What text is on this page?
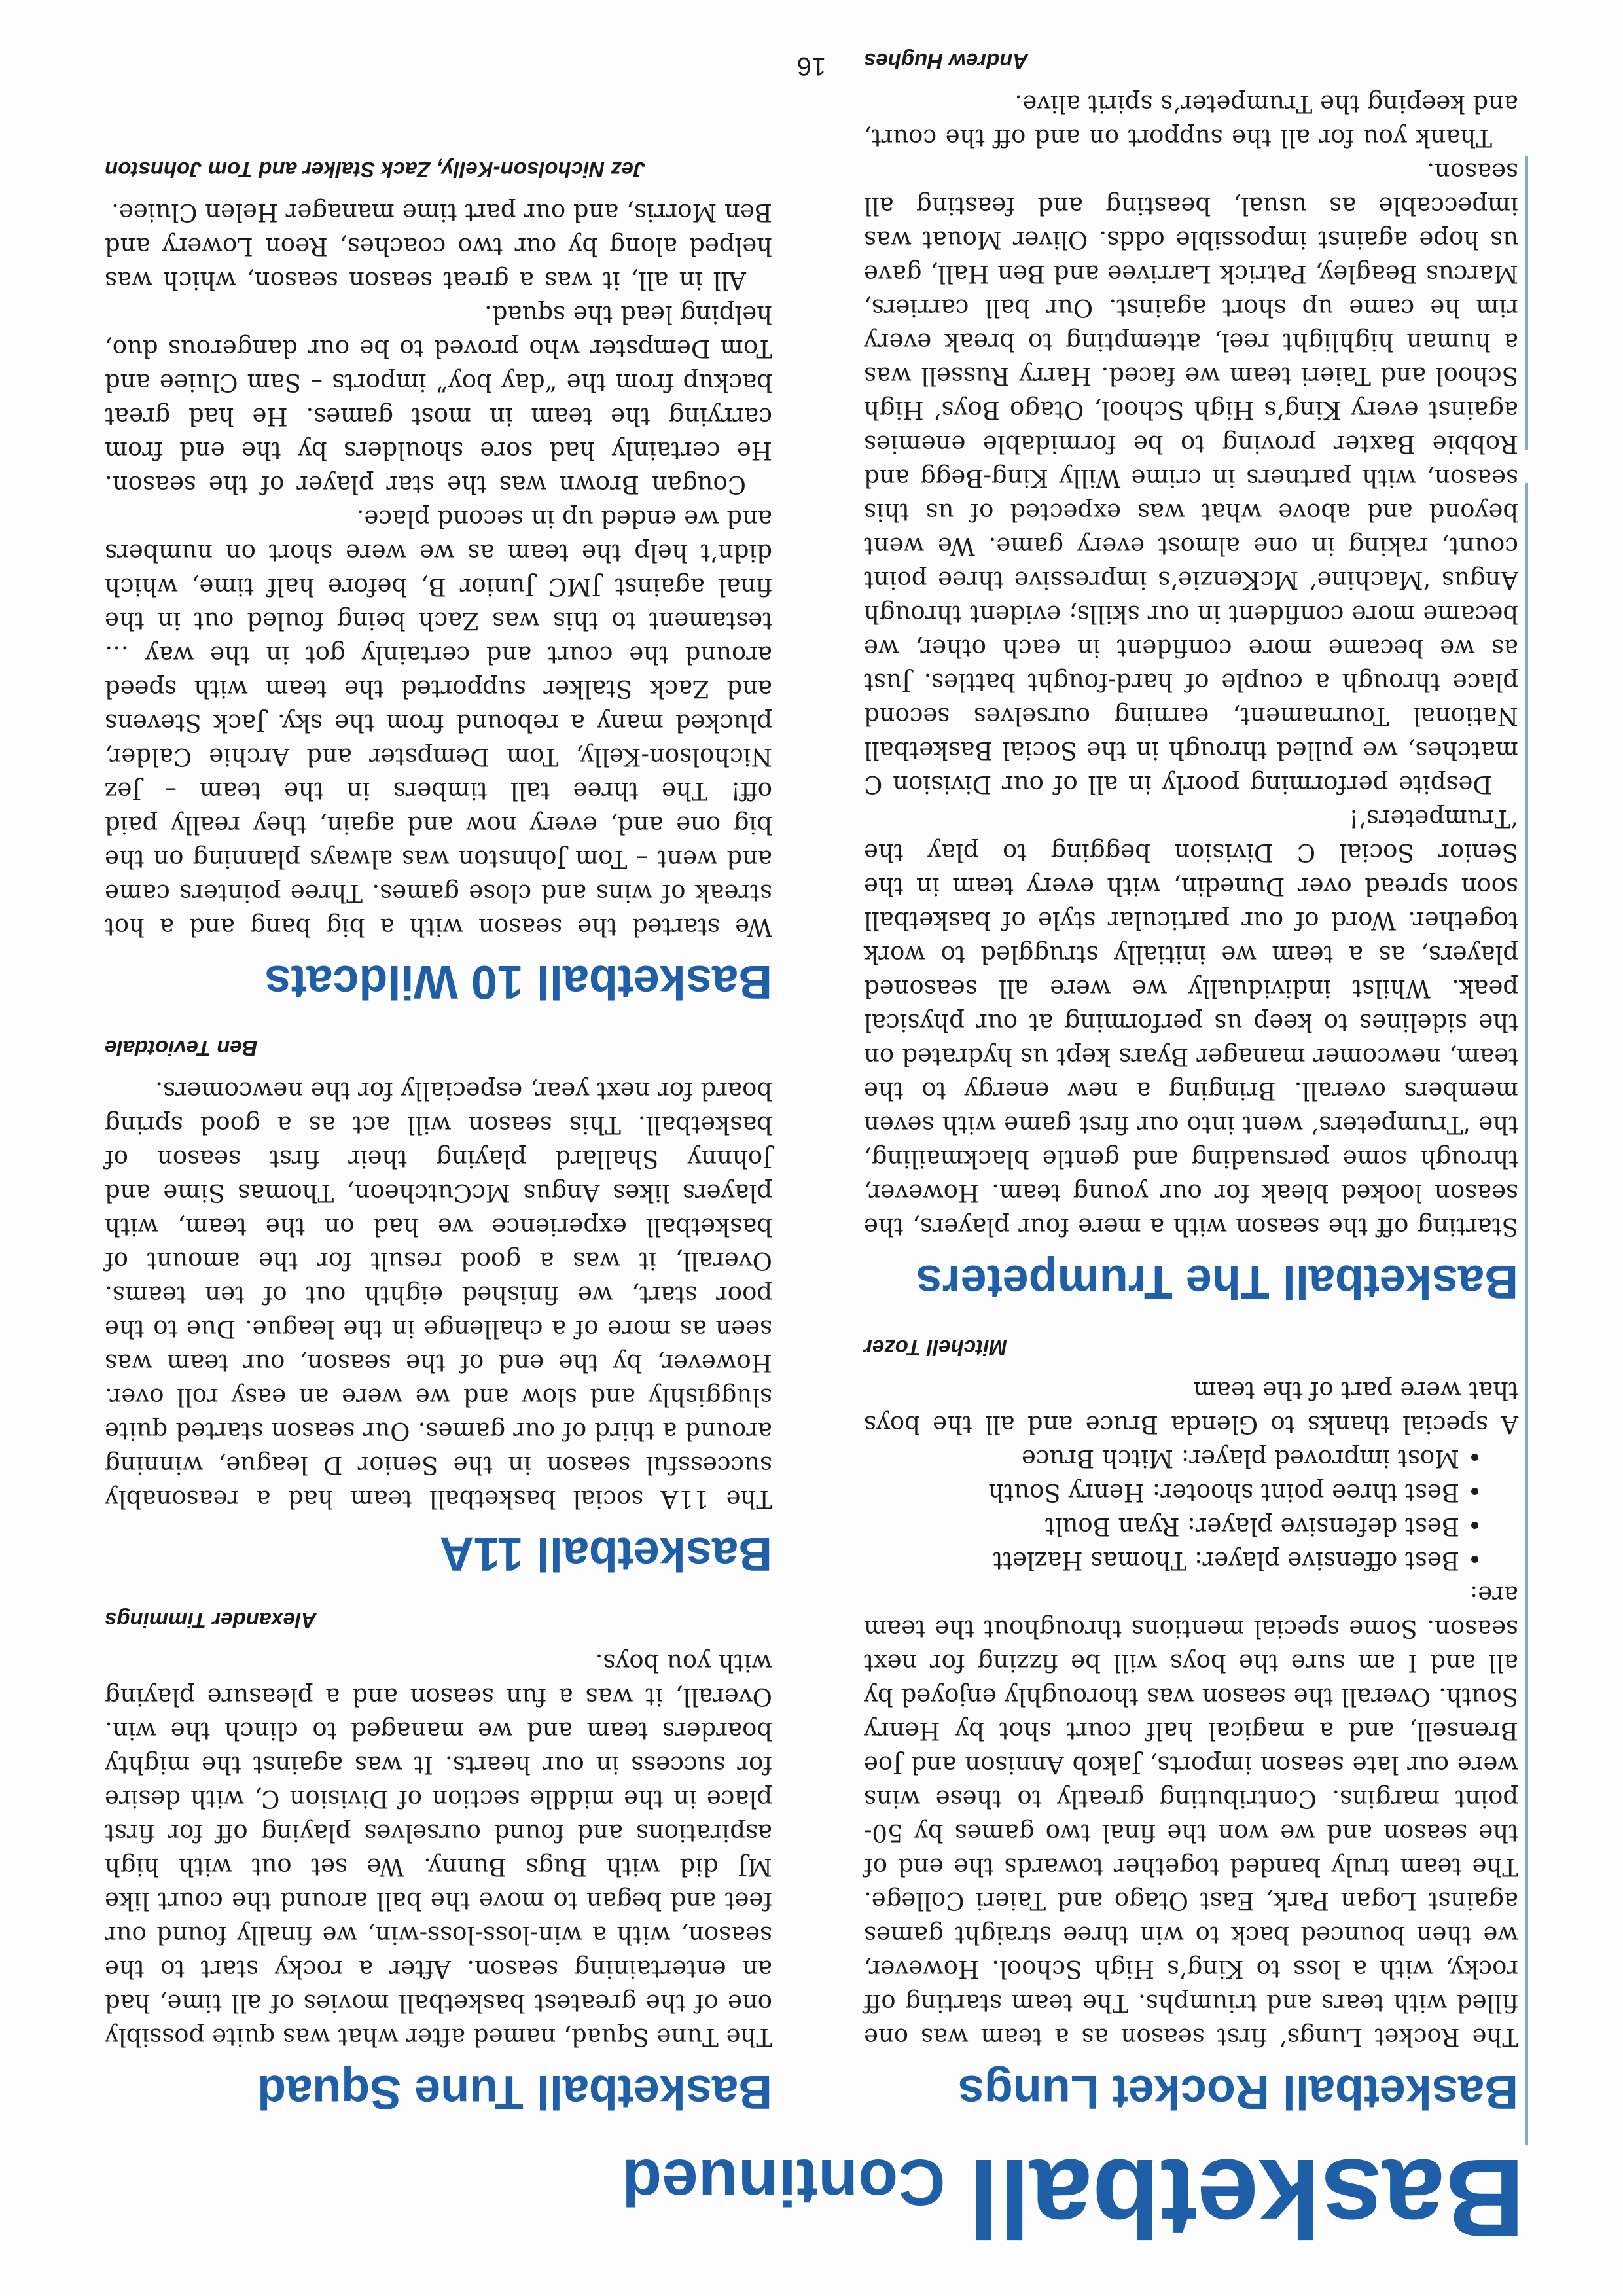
Basketball Continued
Basketball Rocket Lungs

The Rocket Lungs’ first season as a team was one filled with tears and triumphs. The team starting off rocky, with a loss to King’s High School. However, we then bounced back to win three straight games against Logan Park, East Otago and Taieri College. The team truly banded together towards the end of the season and we won the final two games by 50-point margins. Contributing greatly to these wins were our late season imports, Jakob Annison and Joe Brensell, and a magical half court shot by Henry South. Overall the season was thoroughly enjoyed by all and I am sure the boys will be fizzing for next season. Some special mentions throughout the team are:

• Best offensive player: Thomas Hazlett
• Best defensive player: Ryan Boult
• Best three point shooter: Henry South
• Most improved player: Mitch Bruce

A special thanks to Glenda Bruce and all the boys that were part of the team

Mitchell Tozer
Basketball The Trumpeters

Starting off the season with a mere four players, the season looked bleak for our young team. However, through some persuading and gentle blackmailing, the ‘Trumpeters’ went into our first game with seven members overall. Bringing a new energy to the team, newcomer manager Byars kept us hydrated on the sidelines to keep us performing at our physical peak. Whilst individually we were all seasoned players, as a team we initially struggled to work together. Word of our particular style of basketball soon spread over Dunedin, with every team in the Senior Social C Division begging to play the ‘Trumpeters’!

Despite performing poorly in all of our Division C matches, we pulled through in the Social Basketball National Tournament, earning ourselves second place through a couple of hard-fought battles. Just as we became more confident in each other, we became more confident in our skills; evident through Angus ‘Machine’ McKenzie’s impressive three point count, raking in one almost every game. We went beyond and above what was expected of us this season, with partners in crime Willy King-Begg and Robbie Baxter proving to be formidable enemies against every King’s High School, Otago Boys’ High School and Taieri team we faced. Harry Russell was a human highlight reel, attempting to break every rim he came up short against. Our ball carriers, Marcus Beagley, Patrick Larrivee and Ben Hall, gave us hope against impossible odds. Oliver Mouat was impeccable as usual, beasting and feasting all season.

Thank you for all the support on and off the court, and keeping the Trumpeter’s spirit alive.

Andrew Hughes
Basketball Tune Squad

The Tune Squad, named after what was quite possibly one of the greatest basketball movies of all time, had an entertaining season. After a rocky start to the season, with a win-loss-loss-win, we finally found our feet and began to move the ball around the court like MJ did with Bugs Bunny. We set out with high aspirations and found ourselves playing off for first place in the middle section of Division C, with desire for success in our hearts. It was against the mighty boarders team and we managed to clinch the win. Overall, it was a fun season and a pleasure playing with you boys.

Alexander Timmings
Basketball 11A

The 11A social basketball team had a reasonably successful season in the Senior D league, winning around a third of our games. Our season started quite sluggishly and slow and we were an easy roll over. However, by the end of the season, our team was seen as more of a challenge in the league. Due to the poor start, we finished eighth out of ten teams. Overall, it was a good result for the amount of basketball experience we had on the team, with players likes Angus McCutcheon, Thomas Sime and Johnny Shallard playing their first season of basketball. This season will act as a good spring board for next year, especially for the newcomers.

Ben Teviotdale
Basketball 10 Wildcats

We started the season with a big bang and a hot streak of wins and close games. Three pointers came and went – Tom Johnston was always planning on the big one and, every now and again, they really paid off! The three tall timbers in the team – Jez Nicholson-Kelly, Tom Dempster and Archie Calder, plucked many a rebound from the sky. Jack Stevens and Zack Stalker supported the team with speed around the court and certainly got in the way … testament to this was Zach being fouled out in the final against JMC Junior B, before half time, which didn’t help the team as we were short on numbers and we ended up in second place.

Cougan Brown was the star player of the season. He certainly had sore shoulders by the end from carrying the team in most games. He had great backup from the “day boy” imports – Sam Cluiee and Tom Dempster who proved to be our dangerous duo, helping lead the squad.

All in all, it was a great season season, which was helped along by our two coaches, Reon Lowery and Ben Morris, and our part time manager Helen Cluiee.

Jez Nicholson-Kelly, Zack Stalker and Tom Johnston
16
